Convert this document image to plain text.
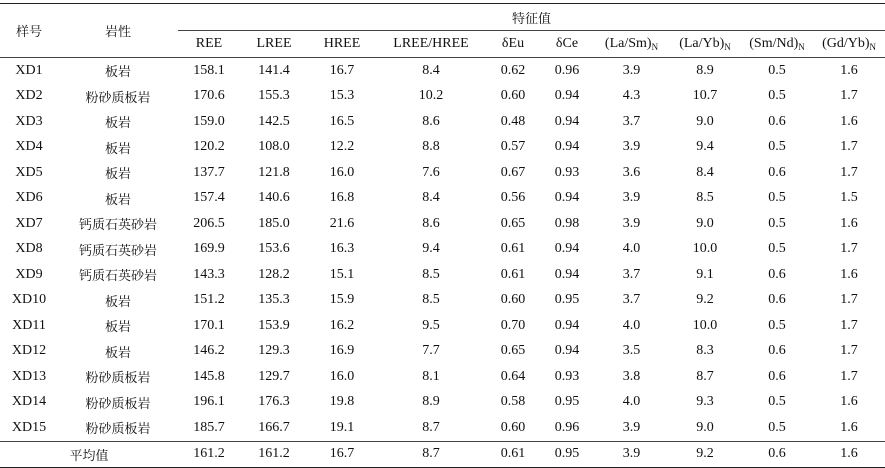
样号	岩性	特征值									
		REE	LREE	HREE	LREE/HREE	δEu	δCe	$(La/Sm)_N$	$(La/Yb)_N$	$(Sm/Nd)_N$	$(Gd/Yb)_N$
XD1	板岩	158.1	141.4	16.7	8.4	0.62	0.96	3.9	8.9	0.5	1.6
XD2	粉砂质板岩	170.6	155.3	15.3	10.2	0.60	0.94	4.3	10.7	0.5	1.7
XD3	板岩	159.0	142.5	16.5	8.6	0.48	0.94	3.7	9.0	0.6	1.6
XD4	板岩	120.2	108.0	12.2	8.8	0.57	0.94	3.9	9.4	0.5	1.7
XD5	板岩	137.7	121.8	16.0	7.6	0.67	0.93	3.6	8.4	0.6	1.7
XD6	板岩	157.4	140.6	16.8	8.4	0.56	0.94	3.9	8.5	0.5	1.5
XD7	钙质石英砂岩	206.5	185.0	21.6	8.6	0.65	0.98	3.9	9.0	0.5	1.6
XD8	钙质石英砂岩	169.9	153.6	16.3	9.4	0.61	0.94	4.0	10.0	0.5	1.7
XD9	钙质石英砂岩	143.3	128.2	15.1	8.5	0.61	0.94	3.7	9.1	0.6	1.6
XD10	板岩	151.2	135.3	15.9	8.5	0.60	0.95	3.7	9.2	0.6	1.7
XD11	板岩	170.1	153.9	16.2	9.5	0.70	0.94	4.0	10.0	0.5	1.7
XD12	板岩	146.2	129.3	16.9	7.7	0.65	0.94	3.5	8.3	0.6	1.7
XD13	粉砂质板岩	145.8	129.7	16.0	8.1	0.64	0.93	3.8	8.7	0.6	1.7
XD14	粉砂质板岩	196.1	176.3	19.8	8.9	0.58	0.95	4.0	9.3	0.5	1.6
XD15	粉砂质板岩	185.7	166.7	19.1	8.7	0.60	0.96	3.9	9.0	0.5	1.6
平均值		161.2	161.2	16.7	8.7	0.61	0.95	3.9	9.2	0.6	1.6
